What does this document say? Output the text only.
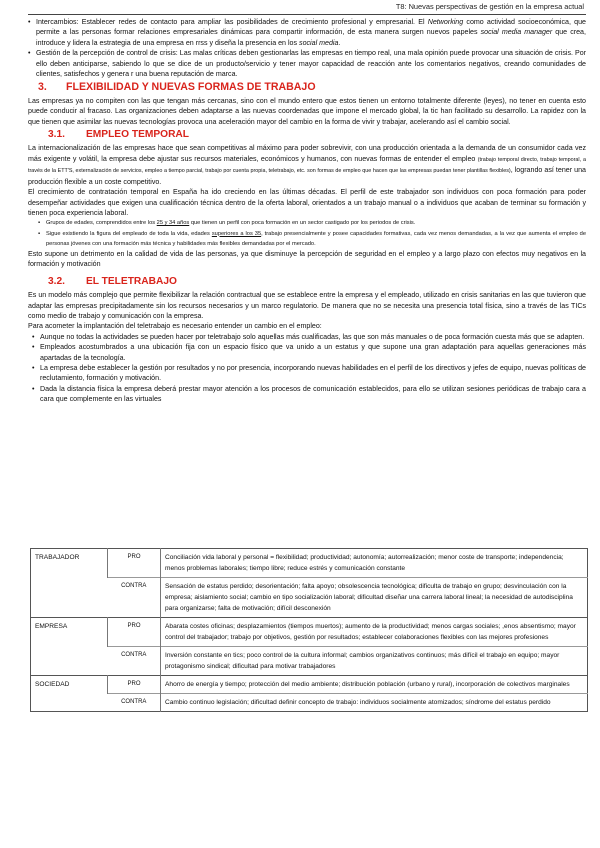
T8: Nuevas perspectivas de gestión en la empresa actual
• Intercambios: Establecer redes de contacto para ampliar las posibilidades de crecimiento profesional y empresarial. El Networking como actividad socioeconómica, que permite a las personas formar relaciones empresariales dinámicas para compartir información, de esta manera surgen nuevos papeles social media manager que crea, introduce y lidera la estrategia de una empresa en rrss y diseña la presencia en los social media.
• Gestión de la percepción de control de crisis: Las malas críticas deben gestionarlas las empresas en tiempo real, una mala opinión puede provocar una situación de crisis. Por ello deben anticiparse, sabiendo lo que se dice de un producto/servicio y tener mayor capacidad de reacción ante los comentarios negativos, creando comunidades de clientes, satisfechos y genera r una buena reputación de marca.
3. FLEXIBILIDAD Y NUEVAS FORMAS DE TRABAJO

Las empresas ya no compiten con las que tengan más cercanas, sino con el mundo entero que estos tienen un entorno totalmente diferente (leyes), no tener en cuenta esto puede conducir al fracaso. Las organizaciones deben adaptarse a las nuevas coordenadas que impone el mercado global, la tic han facilitado su desarrollo. La rapidez con la que tienen que asimilar las nuevas tecnologías provoca una aceleración mayor del cambio en la forma de vivir y trabajar, acelerando así el cambio social.

3.1. EMPLEO TEMPORAL

La internacionalización de las empresas hace que sean competitivas al máximo para poder sobrevivir, con una producción orientada a la demanda de un consumidor cada vez más exigente y volátil, la empresa debe ajustar sus recursos materiales, económicos y humanos, con nuevas formas de entender el empleo (trabajo temporal directo, trabajo temporal, a través de la ETT'S, externalización de servicios, empleo a tiempo parcial, trabajo por cuenta propia, teletrabajo, etc. son formas de empleo que hacen que las empresas puedan tener plantillas flexibles), logrando así tener una producción flexible a un coste competitivo.

El crecimiento de contratación temporal en España ha ido creciendo en las últimas décadas. El perfil de este trabajador son individuos con poca formación para poder desempeñar actividades que exigen una cualificación técnica dentro de la oferta laboral, orientados a un trabajo manual o a individuos que acaban de terminar su formación y tienen poca experiencia laboral.

▪ Grupos de edades, comprendidos entre los 25 y 34 años que tienen un perfil con poca formación en un sector castigado por los periodos de crisis.
▪ Sigue existiendo la figura del empleado de toda la vida, edades superiores a los 35, trabajo presencialmente y posee capacidades formativas, cada vez menos demandadas, a la vez que aumenta el empleo de personas jóvenes con una formación más técnica y habilidades más flexibles demandadas por el mercado.

Esto supone un detrimento en la calidad de vida de las personas, ya que disminuye la percepción de seguridad en el empleo y a largo plazo con efectos muy negativos en la formación y motivación

3.2. EL TELETRABAJO

Es un modelo más complejo que permite flexibilizar la relación contractual que se establece entre la empresa y el empleado, utilizado en crisis sanitarias en las que tuvieron que adaptar las empresas precipitadamente sin los recursos necesarios y un marco regulatorio. De manera que no se necesita una presencia total física, sino a través de las TICs como medio de trabajo y comunicación con la empresa.

Para acometer la implantación del teletrabajo es necesario entender un cambio en el empleo:

• Aunque no todas la actividades se pueden hacer por teletrabajo solo aquellas más cualificadas, las que son más manuales o de poca formación cuesta más que se adapten.
• Empleados acostumbrados a una ubicación fija con un espacio físico que va unido a un estatus y que supone una gran adaptación para aquellas generaciones más apartadas de la tecnología.
• La empresa debe establecer la gestión por resultados y no por presencia, incorporando nuevas habilidades en el perfil de los directivos y jefes de equipo, nuevas políticas de reclutamiento, formación y motivación.
• Dada la distancia física la empresa deberá prestar mayor atención a los procesos de comunicación establecidos, para ello se utilizan sesiones periódicas de trabajo cara a cara que complemente en las virtuales
TRABAJADOR	PRO	Conciliación vida laboral y personal = flexibilidad; productividad; autonomía; autorrealización; menor coste de transporte; independencia; menos problemas laborales; tiempo libre; reduce estrés y comunicación constante
	CONTRA	Sensación de estatus perdido; desorientación; falta apoyo; obsolescencia tecnológica; dificulta de trabajo en grupo; desvinculación con la empresa; aislamiento social; cambio en tipo socialización laboral; dificultad diseñar una carrera laboral lineal; la necesidad de autodisciplina para organizarse; falta de motivación; difícil desconexión
EMPRESA	PRO	Abarata costes oficinas; desplazamientos (tiempos muertos); aumento de la productividad; menos cargas sociales; ,enos absentismo; mayor control del trabajador; trabajo por objetivos, gestión por resultados; establecer colaboraciones flexibles con las mejores profesiones
	CONTRA	Inversión constante en tics; poco control de la cultura informal; cambios organizativos continuos; más difícil el trabajo en equipo; mayor protagonismo sindical; dificultad para motivar trabajadores
SOCIEDAD	PRO	Ahorro de energía y tiempo; protección del medio ambiente; distribución población (urbano y rural), incorporación de colectivos marginales
	CONTRA	Cambio continuo legislación; dificultad definir concepto de trabajo: individuos socialmente atomizados; síndrome del estatus perdido
